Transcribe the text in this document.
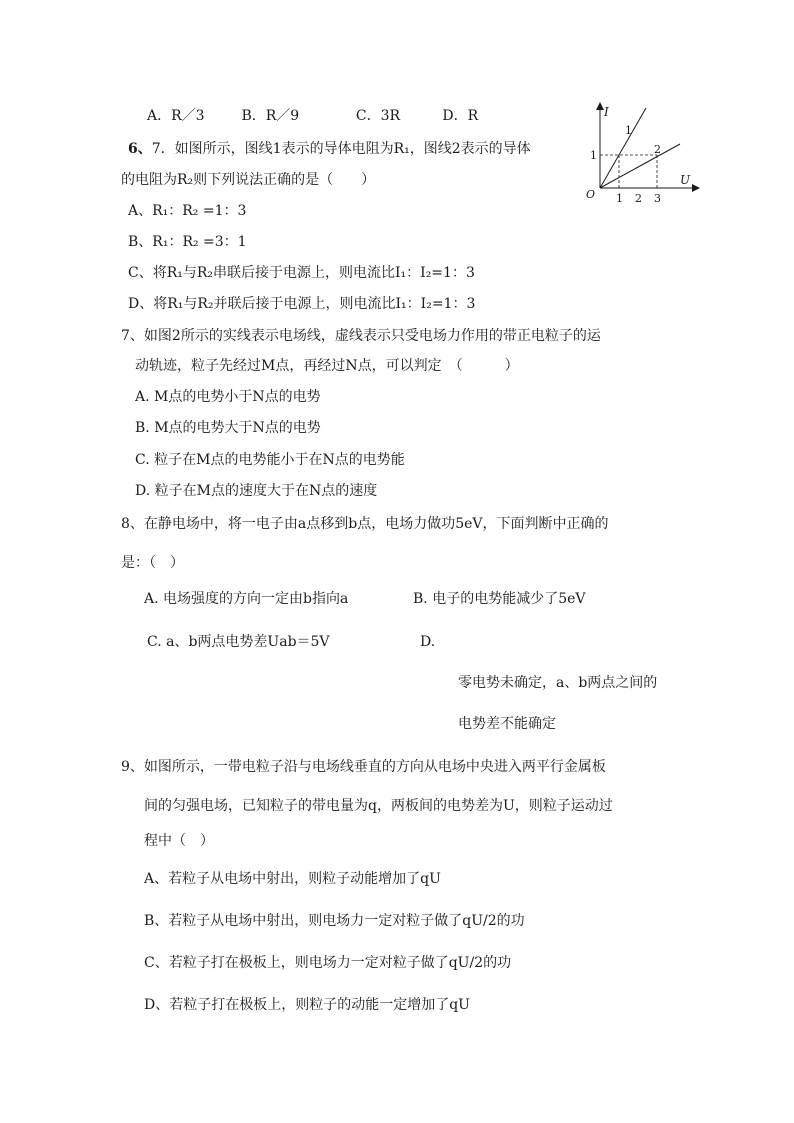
A．R／3	B．R／9	C．3R	D．R
6、7．如图所示，图线1表示的导体电阻为R₁，图线2表示的导体
的电阻为R₂则下列说法正确的是（　　）
A、R₁：R₂ =1：3
B、R₁：R₂ =3：1
C、将R₁与R₂串联后接于电源上，则电流比I₁：I₂=1：3
D、将R₁与R₂并联后接于电源上，则电流比I₁：I₂=1：3
I
U
O
1
1 2 3
1
2
7、如图2所示的实线表示电场线，虚线表示只受电场力作用的带正电粒子的运
动轨迹，粒子先经过M点，再经过N点，可以判定　（　　　）
A. M点的电势小于N点的电势
B. M点的电势大于N点的电势
C. 粒子在M点的电势能小于在N点的电势能
D. 粒子在M点的速度大于在N点的速度
8、在静电场中，将一电子由a点移到b点，电场力做功5eV，下面判断中正确的
是：（　）
A. 电场强度的方向一定由b指向a	B. 电子的电势能减少了5eV
C. a、b两点电势差Uab＝5V	D.
零电势未确定，a、b两点之间的
电势差不能确定
9、如图所示，一带电粒子沿与电场线垂直的方向从电场中央进入两平行金属板
间的匀强电场，已知粒子的带电量为q，两板间的电势差为U，则粒子运动过
程中（　）
A、若粒子从电场中射出，则粒子动能增加了qU
B、若粒子从电场中射出，则电场力一定对粒子做了qU/2的功
C、若粒子打在极板上，则电场力一定对粒子做了qU/2的功
D、若粒子打在极板上，则粒子的动能一定增加了qU
